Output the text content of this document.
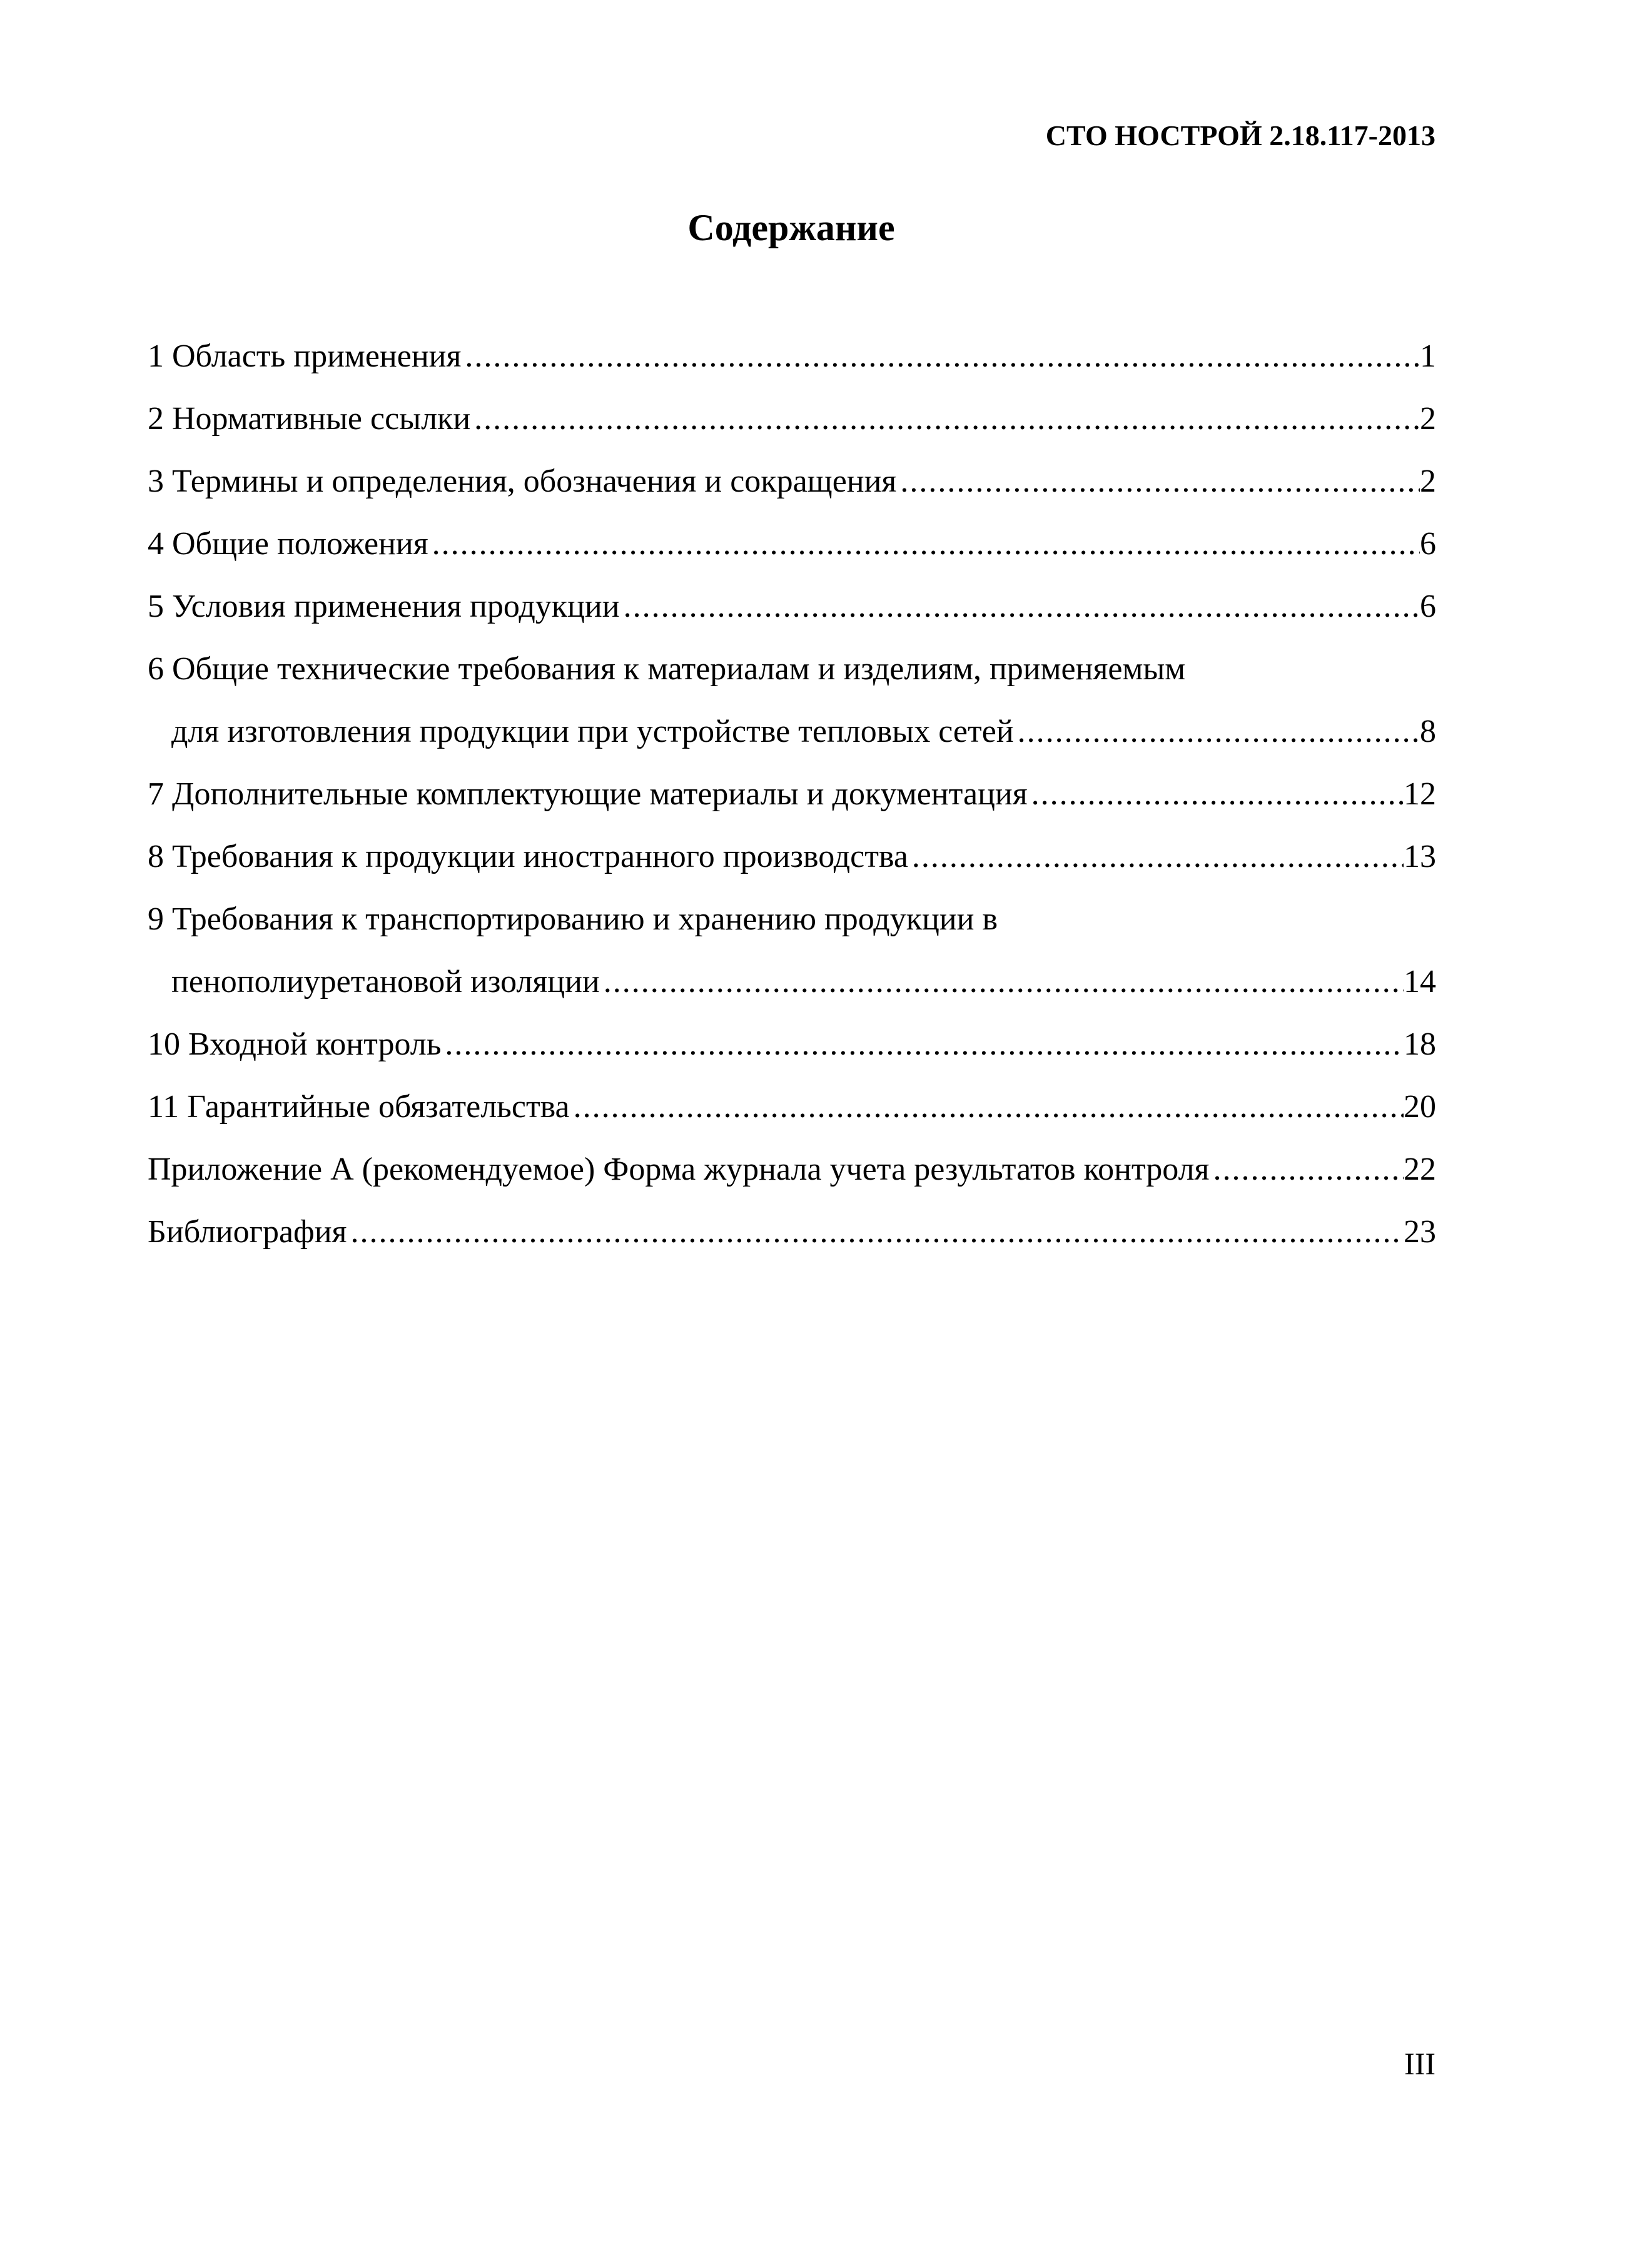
СТО НОСТРОЙ 2.18.117-2013
Содержание
1 Область применения .....	1
2 Нормативные ссылки .....	2
3 Термины и определения, обозначения и сокращения .....	2
4 Общие положения .....	6
5 Условия применения продукции .....	6
6 Общие технические требования к материалам и изделиям, применяемым
для изготовления продукции при устройстве тепловых сетей .....	8
7 Дополнительные комплектующие материалы и документация .....	12
8 Требования к продукции иностранного производства .....	13
9 Требования к транспортированию и хранению продукции в
пенополиуретановой изоляции .....	14
10 Входной контроль .....	18
11 Гарантийные обязательства .....	20
Приложение А (рекомендуемое) Форма журнала учета результатов контроля .....	22
Библиография .....	23
III
